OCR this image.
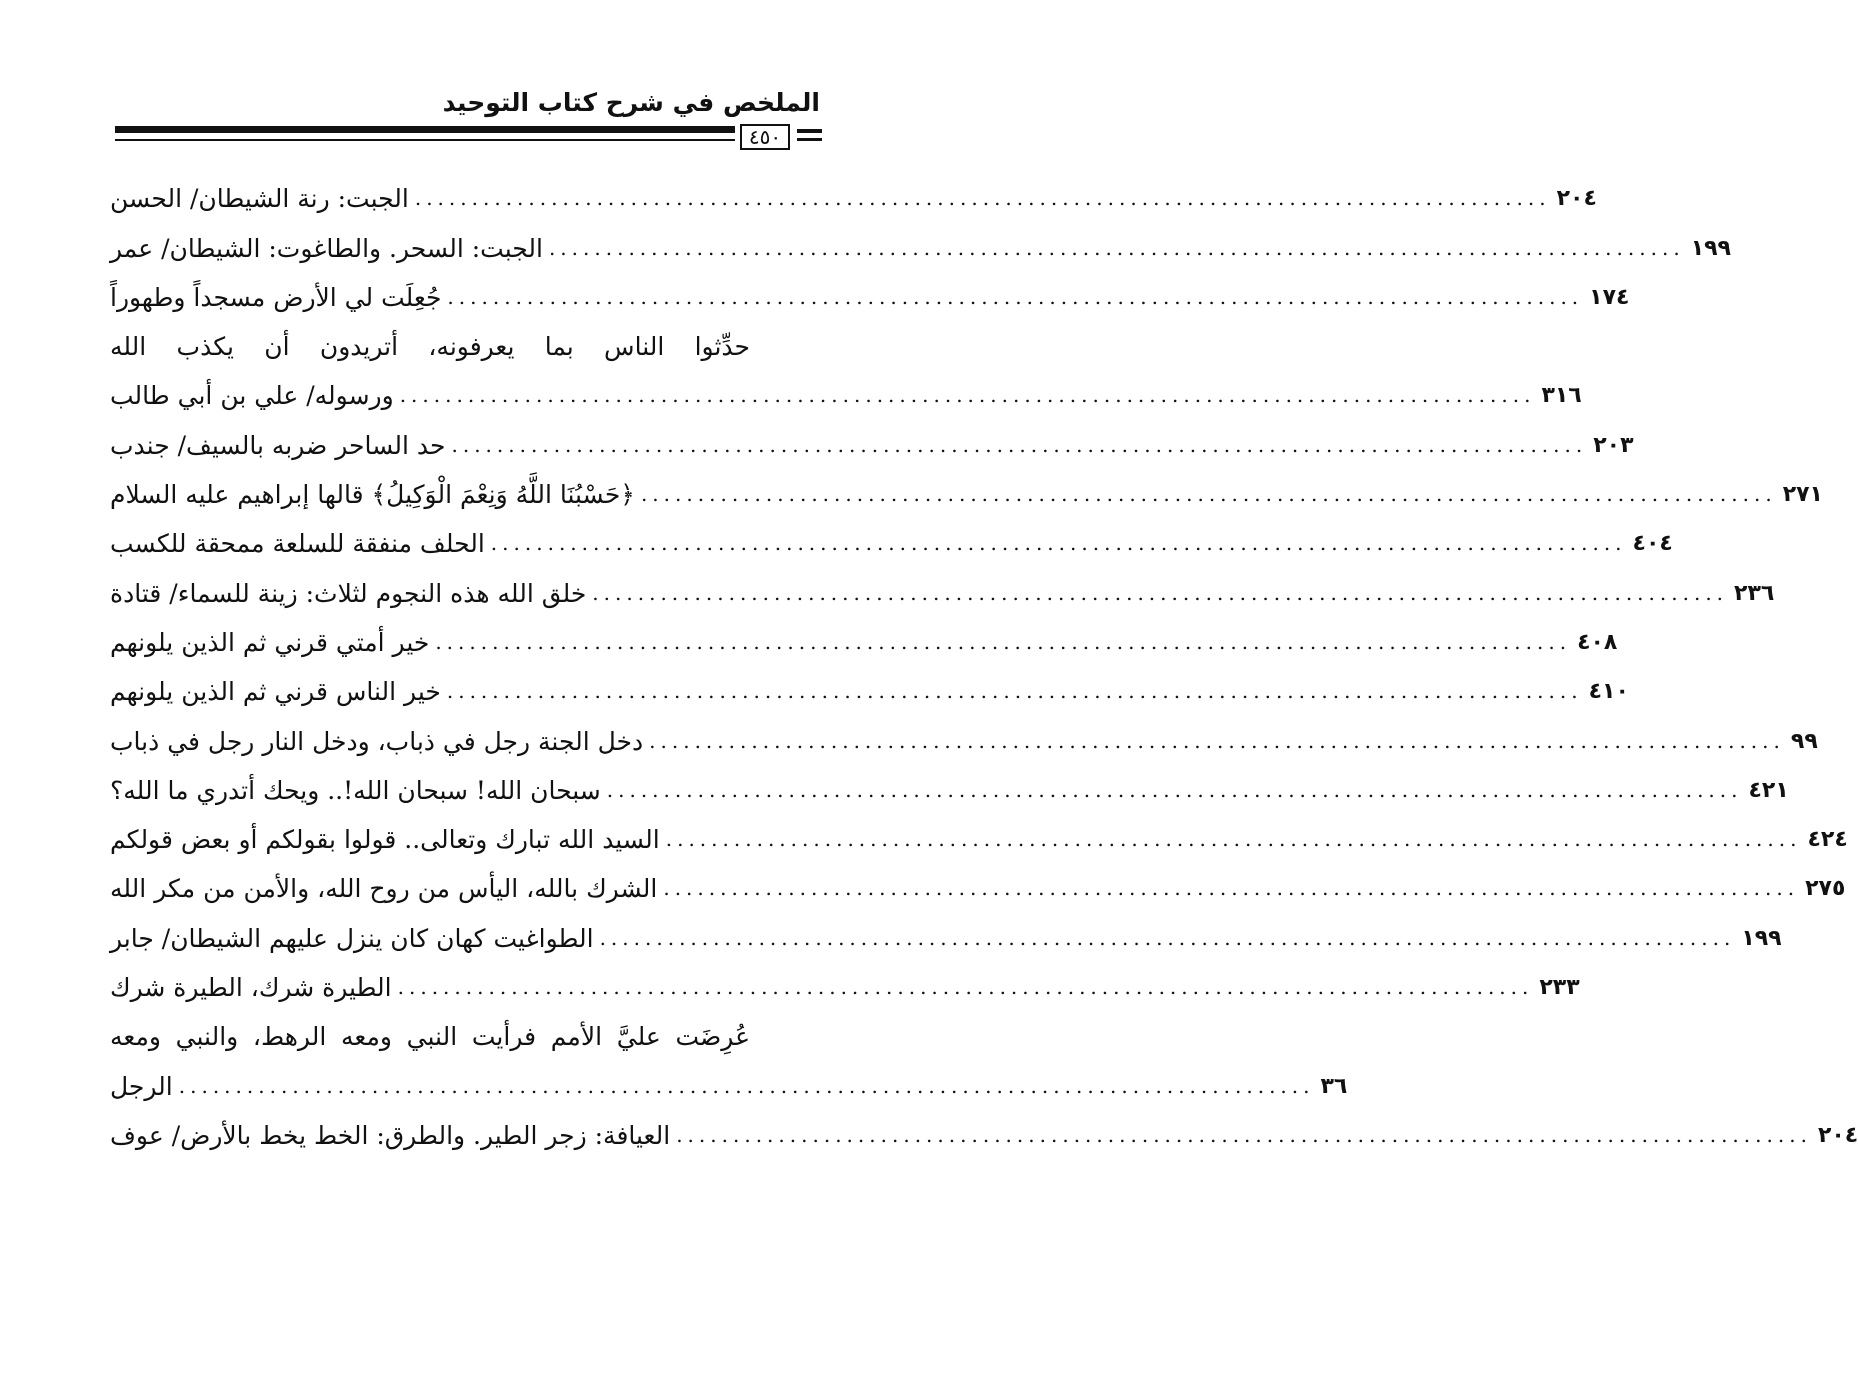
الملخص في شرح كتاب التوحيد
٤٥٠
الجبت: رنة الشيطان/ الحسن .................................................................................................... ٢٠٤
الجبت: السحر. والطاغوت: الشيطان/ عمر .................................................................................................... ١٩٩
جُعِلَت لي الأرض مسجداً وطهوراً .................................................................................................... ١٧٤
حدِّثوا الناس بما يعرفونه، أتريدون أن يكذب الله
ورسوله/ علي بن أبي طالب .................................................................................................... ٣١٦
حد الساحر ضربه بالسيف/ جندب .................................................................................................... ٢٠٣
﴿حَسْبُنَا اللَّهُ وَنِعْمَ الْوَكِيلُ﴾ قالها إبراهيم عليه السلام .................................................................................................... ٢٧١
الحلف منفقة للسلعة ممحقة للكسب .................................................................................................... ٤٠٤
خلق الله هذه النجوم لثلاث: زينة للسماء/ قتادة .................................................................................................... ٢٣٦
خير أمتي قرني ثم الذين يلونهم .................................................................................................... ٤٠٨
خير الناس قرني ثم الذين يلونهم .................................................................................................... ٤١٠
دخل الجنة رجل في ذباب، ودخل النار رجل في ذباب .................................................................................................... ٩٩
سبحان الله! سبحان الله!.. ويحك أتدري ما الله؟ .................................................................................................... ٤٢١
السيد الله تبارك وتعالى.. قولوا بقولكم أو بعض قولكم .................................................................................................... ٤٢٤
الشرك بالله، اليأس من روح الله، والأمن من مكر الله .................................................................................................... ٢٧٥
الطواغيت كهان كان ينزل عليهم الشيطان/ جابر .................................................................................................... ١٩٩
الطيرة شرك، الطيرة شرك .................................................................................................... ٢٣٣
عُرِضَت عليَّ الأمم فرأيت النبي ومعه الرهط، والنبي ومعه
الرجل .................................................................................................... ٣٦
العيافة: زجر الطير. والطرق: الخط يخط بالأرض/ عوف .................................................................................................... ٢٠٤
